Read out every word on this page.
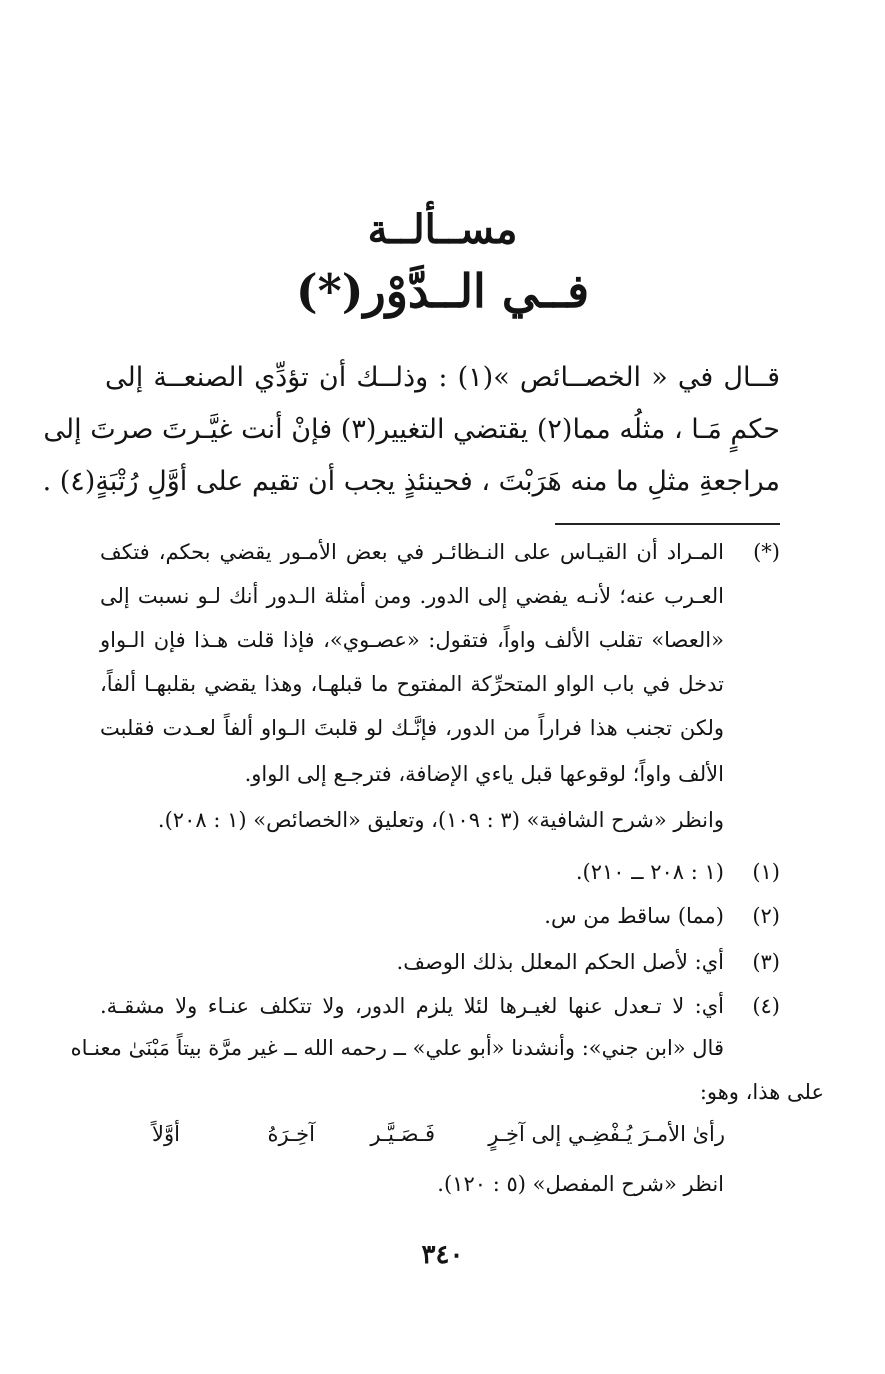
مســألــة
فــي الــدَّوْر(*)
قــال في « الخصــائص »(١) : وذلــك أن تؤدِّي الصنعــة إلى
حكمٍ مَـا ، مثلُه مما(٢) يقتضي التغيير(٣) فإنْ أنت غيَّـرتَ صرتَ إلى
مراجعةِ مثلِ ما منه هَرَبْتَ ، فحينئذٍ يجب أن تقيم على أوَّلِ رُتْبَةٍ(٤) .
(*)
المـراد أن القيـاس على النـظائـر في بعض الأمـور يقضي بحكم، فتكف
العـرب عنه؛ لأنـه يفضي إلى الدور. ومن أمثلة الـدور أنك لـو نسبت إلى
«العصا» تقلب الألف واواً، فتقول: «عصـوي»، فإذا قلت هـذا فإن الـواو
تدخل في باب الواو المتحرِّكة المفتوح ما قبلهـا، وهذا يقضي بقلبهـا ألفاً،
ولكن تجنب هذا فراراً من الدور، فإنَّـك لو قلبتَ الـواو ألفاً لعـدت فقلبت
الألف واواً؛ لوقوعها قبل ياءي الإضافة، فترجـع إلى الواو.
وانظر «شرح الشافية» (٣ : ١٠٩)، وتعليق «الخصائص» (١ : ٢٠٨).
(١)
(١ : ٢٠٨ ــ ٢١٠).
(٢)
(مما) ساقط من س.
(٣)
أي: لأصل الحكم المعلل بذلك الوصف.
(٤)
أي: لا تـعدل عنها لغيـرها لئلا يلزم الدور، ولا تتكلف عنـاء ولا مشقـة.
قال «ابن جني»: وأنشدنا «أبو علي» ــ رحمه الله ــ غير مرَّة بيتاً مَبْنَىٰ معنـاه
على هذا، وهو:
رأىٰ الأمـرَ يُـفْضِـي إلى آخِـرٍ
فَـصَـيَّـر
آخِـرَهُ
أوَّلاً
انظر «شرح المفصل» (٥ : ١٢٠).
٣٤٠
